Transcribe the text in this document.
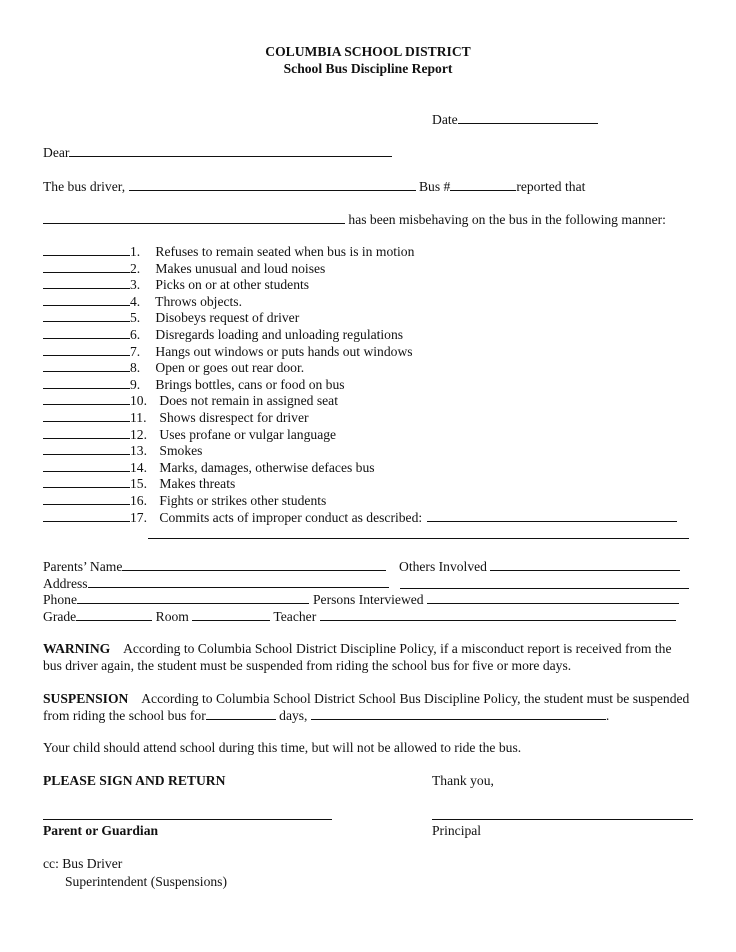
COLUMBIA SCHOOL DISTRICT
School Bus Discipline Report
Date
Dear
The bus driver,	Bus #	reported that
has been misbehaving on the bus in the following manner:
1. Refuses to remain seated when bus is in motion
2. Makes unusual and loud noises
3. Picks on or at other students
4. Throws objects.
5. Disobeys request of driver
6. Disregards loading and unloading regulations
7. Hangs out windows or puts hands out windows
8. Open or goes out rear door.
9. Brings bottles, cans or food on bus
10. Does not remain in assigned seat
11. Shows disrespect for driver
12. Uses profane or vulgar language
13. Smokes
14. Marks, damages, otherwise defaces bus
15. Makes threats
16. Fights or strikes other students
17. Commits acts of improper conduct as described:
Parents’ Name	Others Involved
Address
Phone	Persons Interviewed
Grade	Room	Teacher
WARNING According to Columbia School District Discipline Policy, if a misconduct report is received from the bus driver again, the student must be suspended from riding the school bus for five or more days.
SUSPENSION According to Columbia School District School Bus Discipline Policy, the student must be suspended from riding the school bus for	days,	.
Your child should attend school during this time, but will not be allowed to ride the bus.
PLEASE SIGN AND RETURN	Thank you,
Parent or Guardian	Principal
cc: Bus Driver
Superintendent (Suspensions)
